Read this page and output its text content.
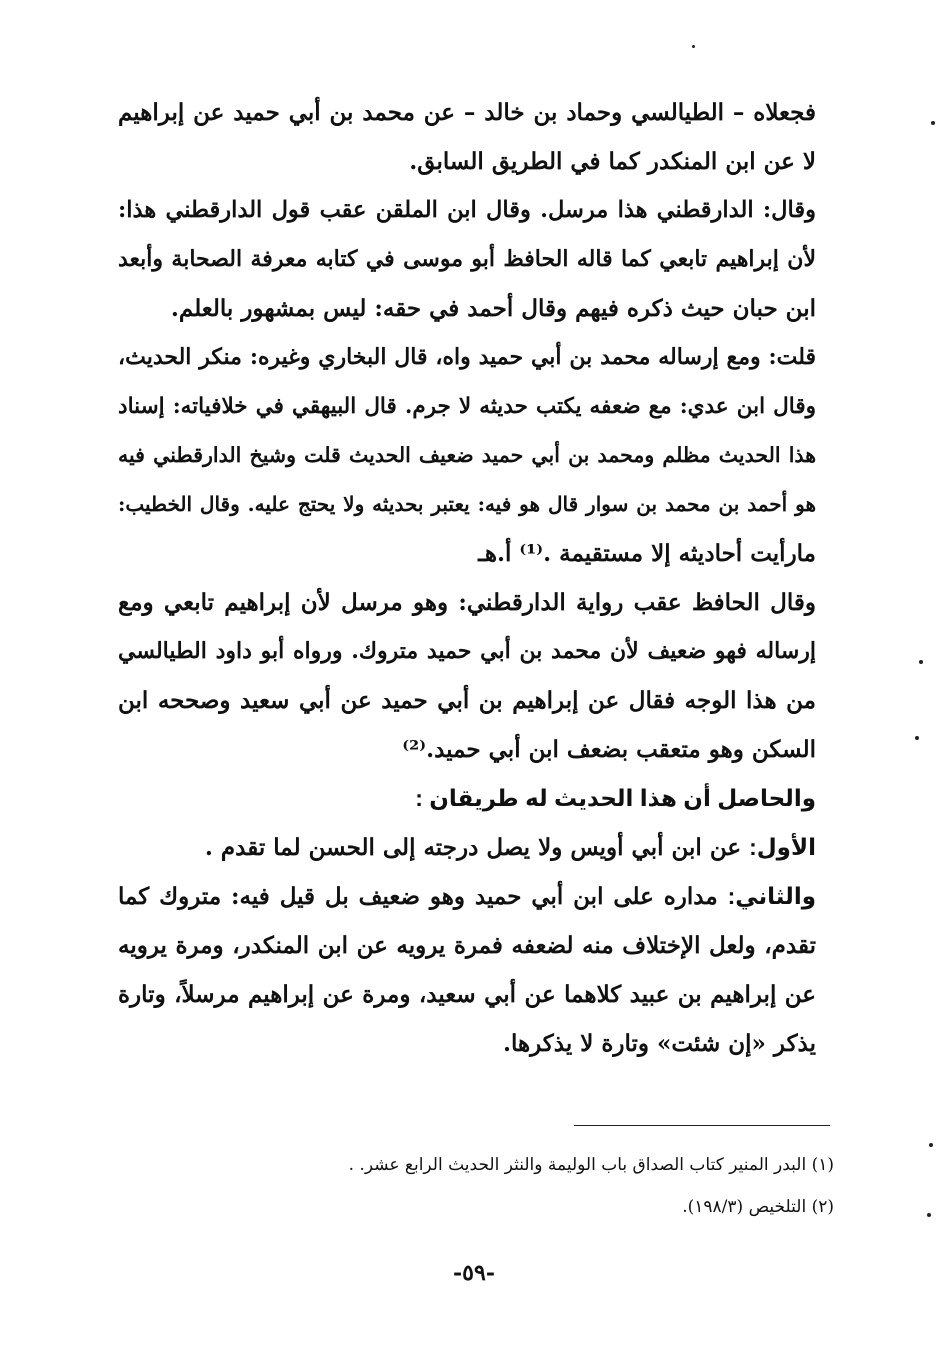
فجعلاه – الطيالسي وحماد بن خالد – عن محمد بن أبي حميد عن إبراهيم
لا عن ابن المنكدر كما في الطريق السابق.
وقال: الدارقطني هذا مرسل. وقال ابن الملقن عقب قول الدارقطني هذا:
لأن إبراهيم تابعي كما قاله الحافظ أبو موسى في كتابه معرفة الصحابة وأبعد
ابن حبان حيث ذكره فيهم وقال أحمد في حقه: ليس بمشهور بالعلم.
قلت: ومع إرساله محمد بن أبي حميد واه، قال البخاري وغيره: منكر الحديث،
وقال ابن عدي: مع ضعفه يكتب حديثه لا جرم. قال البيهقي في خلافياته: إسناد
هذا الحديث مظلم ومحمد بن أبي حميد ضعيف الحديث قلت وشيخ الدارقطني فيه
هو أحمد بن محمد بن سوار قال هو فيه: يعتبر بحديثه ولا يحتج عليه. وقال الخطيب:
مارأيت أحاديثه إلا مستقيمة .⁽¹⁾ أ.هـ
وقال الحافظ عقب رواية الدارقطني: وهو مرسل لأن إبراهيم تابعي ومع
إرساله فهو ضعيف لأن محمد بن أبي حميد متروك. ورواه أبو داود الطيالسي
من هذا الوجه فقال عن إبراهيم بن أبي حميد عن أبي سعيد وصححه ابن
السكن وهو متعقب بضعف ابن أبي حميد.⁽²⁾
والحاصل أن هذا الحديث له طريقان :
الأول: عن ابن أبي أويس ولا يصل درجته إلى الحسن لما تقدم .
والثاني: مداره على ابن أبي حميد وهو ضعيف بل قيل فيه: متروك كما
تقدم، ولعل الإختلاف منه لضعفه فمرة يرويه عن ابن المنكدر، ومرة يرويه
عن إبراهيم بن عبيد كلاهما عن أبي سعيد، ومرة عن إبراهيم مرسلاً، وتارة
يذكر «إن شئت» وتارة لا يذكرها.
(١) البدر المنير كتاب الصداق باب الوليمة والنثر الحديث الرابع عشر. .
(٢) التلخيص (١٩٨/٣).
-٥٩-
